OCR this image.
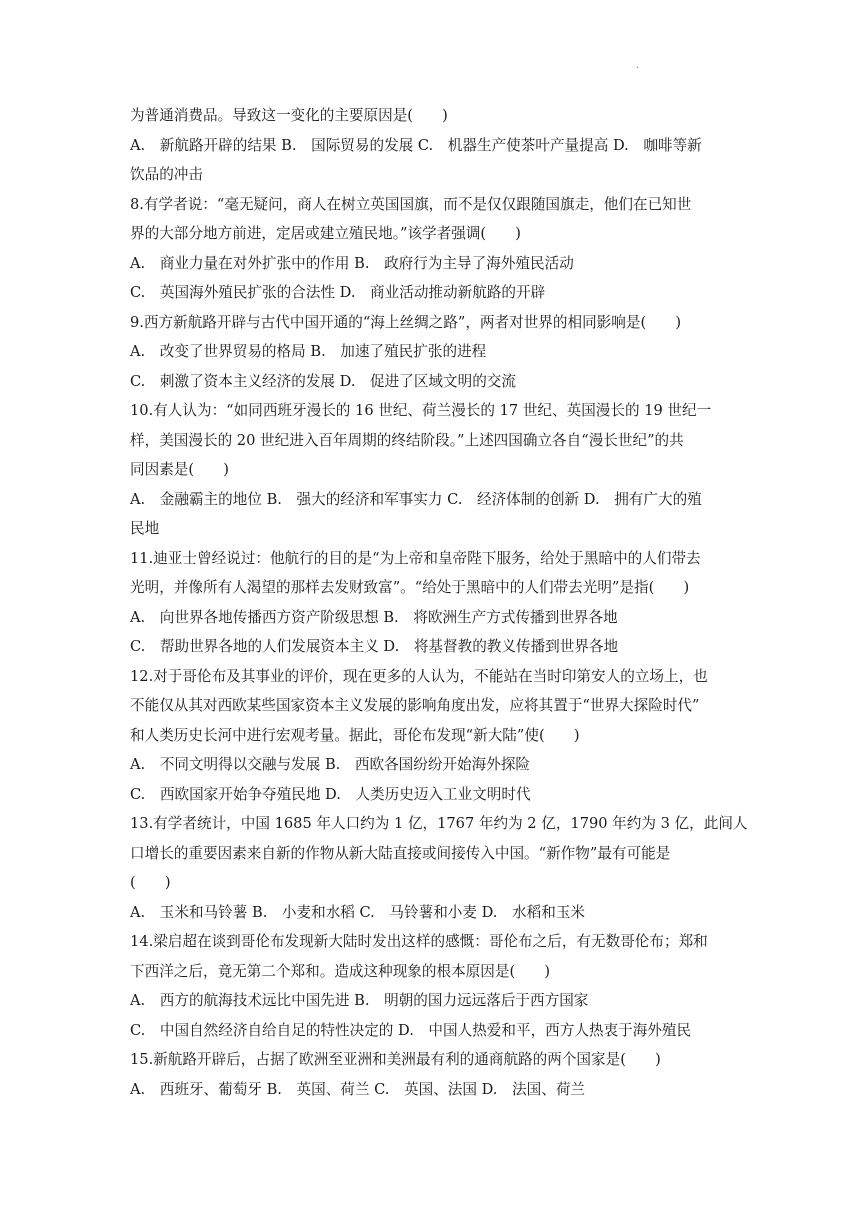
.
为普通消费品。导致这一变化的主要原因是(　　)
A.　新航路开辟的结果 B.　国际贸易的发展 C.　机器生产使茶叶产量提高 D.　咖啡等新
饮品的冲击
8.有学者说：“毫无疑问，商人在树立英国国旗，而不是仅仅跟随国旗走，他们在已知世
界的大部分地方前进，定居或建立殖民地。”该学者强调(　　)
A.　商业力量在对外扩张中的作用 B.　政府行为主导了海外殖民活动
C.　英国海外殖民扩张的合法性 D.　商业活动推动新航路的开辟
9.西方新航路开辟与古代中国开通的“海上丝绸之路”，两者对世界的相同影响是(　　)
A.　改变了世界贸易的格局 B.　加速了殖民扩张的进程
C.　刺激了资本主义经济的发展 D.　促进了区域文明的交流
10.有人认为：“如同西班牙漫长的 16 世纪、荷兰漫长的 17 世纪、英国漫长的 19 世纪一
样，美国漫长的 20 世纪进入百年周期的终结阶段。”上述四国确立各自“漫长世纪”的共
同因素是(　　)
A.　金融霸主的地位 B.　强大的经济和军事实力 C.　经济体制的创新 D.　拥有广大的殖
民地
11.迪亚士曾经说过：他航行的目的是“为上帝和皇帝陛下服务，给处于黑暗中的人们带去
光明，并像所有人渴望的那样去发财致富”。“给处于黑暗中的人们带去光明”是指(　　)
A.　向世界各地传播西方资产阶级思想 B.　将欧洲生产方式传播到世界各地
C.　帮助世界各地的人们发展资本主义 D.　将基督教的教义传播到世界各地
12.对于哥伦布及其事业的评价，现在更多的人认为，不能站在当时印第安人的立场上，也
不能仅从其对西欧某些国家资本主义发展的影响角度出发，应将其置于“世界大探险时代”
和人类历史长河中进行宏观考量。据此，哥伦布发现“新大陆”使(　　)
A.　不同文明得以交融与发展 B.　西欧各国纷纷开始海外探险
C.　西欧国家开始争夺殖民地 D.　人类历史迈入工业文明时代
13.有学者统计，中国 1685 年人口约为 1 亿，1767 年约为 2 亿，1790 年约为 3 亿，此间人
口增长的重要因素来自新的作物从新大陆直接或间接传入中国。“新作物”最有可能是
(　　)
A.　玉米和马铃薯 B.　小麦和水稻 C.　马铃薯和小麦 D.　水稻和玉米
14.梁启超在谈到哥伦布发现新大陆时发出这样的感慨：哥伦布之后，有无数哥伦布；郑和
下西洋之后，竟无第二个郑和。造成这种现象的根本原因是(　　)
A.　西方的航海技术远比中国先进 B.　明朝的国力远远落后于西方国家
C.　中国自然经济自给自足的特性决定的 D.　中国人热爱和平，西方人热衷于海外殖民
15.新航路开辟后，占据了欧洲至亚洲和美洲最有利的通商航路的两个国家是(　　)
A.　西班牙、葡萄牙 B.　英国、荷兰 C.　英国、法国 D.　法国、荷兰
